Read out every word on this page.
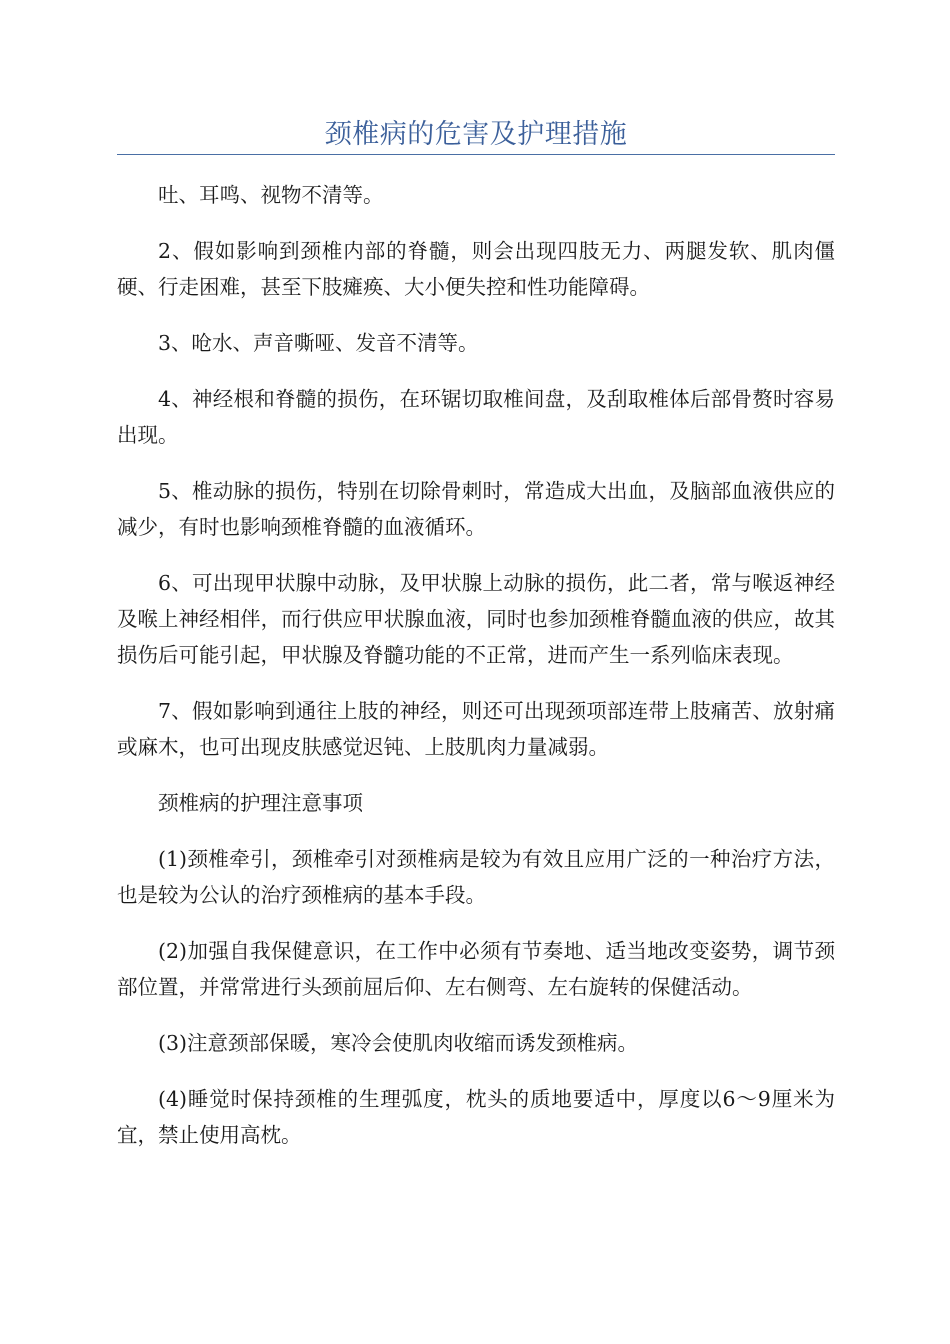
颈椎病的危害及护理措施

吐、耳鸣、视物不清等。

2、假如影响到颈椎内部的脊髓，则会出现四肢无力、两腿发软、肌肉僵硬、行走困难，甚至下肢瘫痪、大小便失控和性功能障碍。

3、呛水、声音嘶哑、发音不清等。

4、神经根和脊髓的损伤，在环锯切取椎间盘，及刮取椎体后部骨赘时容易出现。

5、椎动脉的损伤，特别在切除骨刺时，常造成大出血，及脑部血液供应的减少，有时也影响颈椎脊髓的血液循环。

6、可出现甲状腺中动脉，及甲状腺上动脉的损伤，此二者，常与喉返神经及喉上神经相伴，而行供应甲状腺血液，同时也参加颈椎脊髓血液的供应，故其损伤后可能引起，甲状腺及脊髓功能的不正常，进而产生一系列临床表现。

7、假如影响到通往上肢的神经，则还可出现颈项部连带上肢痛苦、放射痛或麻木，也可出现皮肤感觉迟钝、上肢肌肉力量减弱。

颈椎病的护理注意事项

(1)颈椎牵引，颈椎牵引对颈椎病是较为有效且应用广泛的一种治疗方法，也是较为公认的治疗颈椎病的基本手段。

(2)加强自我保健意识，在工作中必须有节奏地、适当地改变姿势，调节颈部位置，并常常进行头颈前屈后仰、左右侧弯、左右旋转的保健活动。

(3)注意颈部保暖，寒冷会使肌肉收缩而诱发颈椎病。

(4)睡觉时保持颈椎的生理弧度，枕头的质地要适中，厚度以6～9厘米为宜，禁止使用高枕。
